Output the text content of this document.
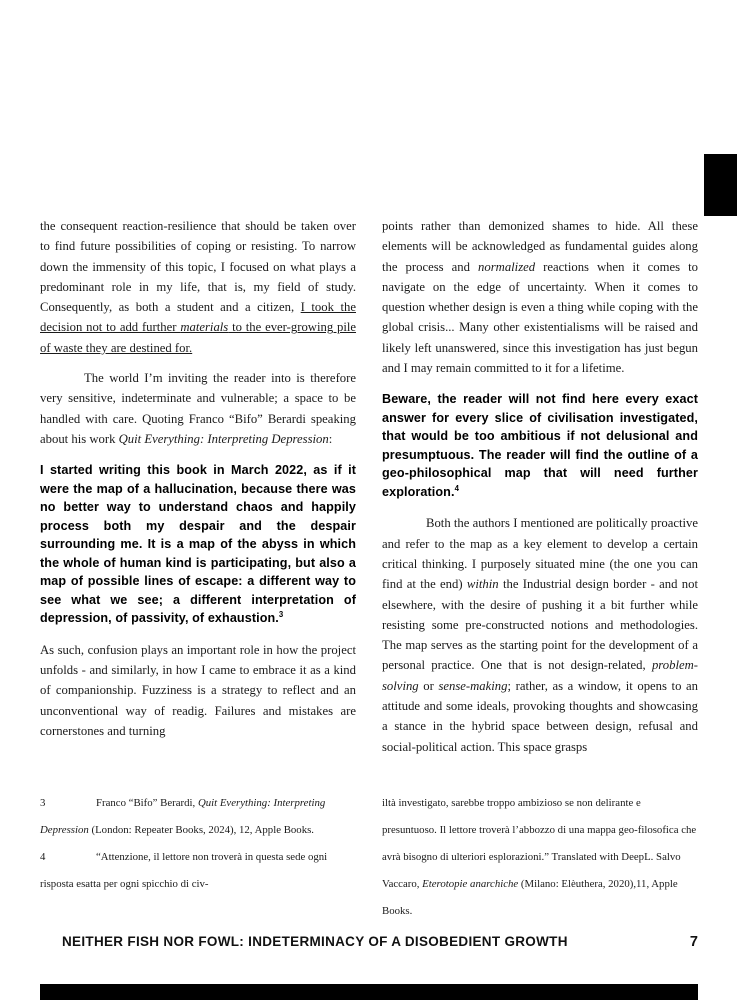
the consequent reaction-resilience that should be taken over to find future possibilities of coping or resisting. To narrow down the immensity of this topic, I focused on what plays a predominant role in my life, that is, my field of study. Consequently, as both a student and a citizen, I took the decision not to add further materials to the ever-growing pile of waste they are destined for.

The world I’m inviting the reader into is therefore very sensitive, indeterminate and vulnerable; a space to be handled with care. Quoting Franco “Bifo” Berardi speaking about his work Quit Everything: Interpreting Depression:

I started writing this book in March 2022, as if it were the map of a hallucination, because there was no better way to understand chaos and happily process both my despair and the despair surrounding me. It is a map of the abyss in which the whole of human kind is participating, but also a map of possible lines of escape: a different way to see what we see; a different interpretation of depression, of passivity, of exhaustion.$^3$

As such, confusion plays an important role in how the project unfolds - and similarly, in how I came to embrace it as a kind of companionship. Fuzziness is a strategy to reflect and an unconventional way of readig. Failures and mistakes are cornerstones and turning

points rather than demonized shames to hide. All these elements will be acknowledged as fundamental guides along the process and normalized reactions when it comes to navigate on the edge of uncertainty. When it comes to question whether design is even a thing while coping with the global crisis... Many other existentialisms will be raised and likely left unanswered, since this investigation has just begun and I may remain committed to it for a lifetime.

Beware, the reader will not find here every exact answer for every slice of civilisation investigated, that would be too ambitious if not delusional and presumptuous. The reader will find the outline of a geo-philosophical map that will need further exploration.$^4$

Both the authors I mentioned are politically proactive and refer to the map as a key element to develop a certain critical thinking. I purposely situated mine (the one you can find at the end) within the Industrial design border - and not elsewhere, with the desire of pushing it a bit further while resisting some pre-constructed notions and methodologies. The map serves as the starting point for the development of a personal practice. One that is not design-related, problem-solving or sense-making; rather, as a window, it opens to an attitude and some ideals, provoking thoughts and showcasing a stance in the hybrid space between design, refusal and social-political action. This space grasps

3	Franco “Bifo” Berardi, Quit Everything: Interpreting Depression (London: Repeater Books, 2024), 12, Apple Books.

4	“Attenzione, il lettore non troverà in questa sede ogni risposta esatta per ogni spicchio di civ-

iltà investigato, sarebbe troppo ambizioso se non delirante e presuntuoso. Il lettore troverà l’abbozzo di una mappa geo-filosofica che avrà bisogno di ulteriori esplorazioni.” Translated with DeepL. Salvo Vaccaro, Eterotopie anarchiche (Milano: Elèuthera, 2020),11, Apple Books.

NEITHER FISH NOR FOWL: INDETERMINACY OF A DISOBEDIENT GROWTH	7
